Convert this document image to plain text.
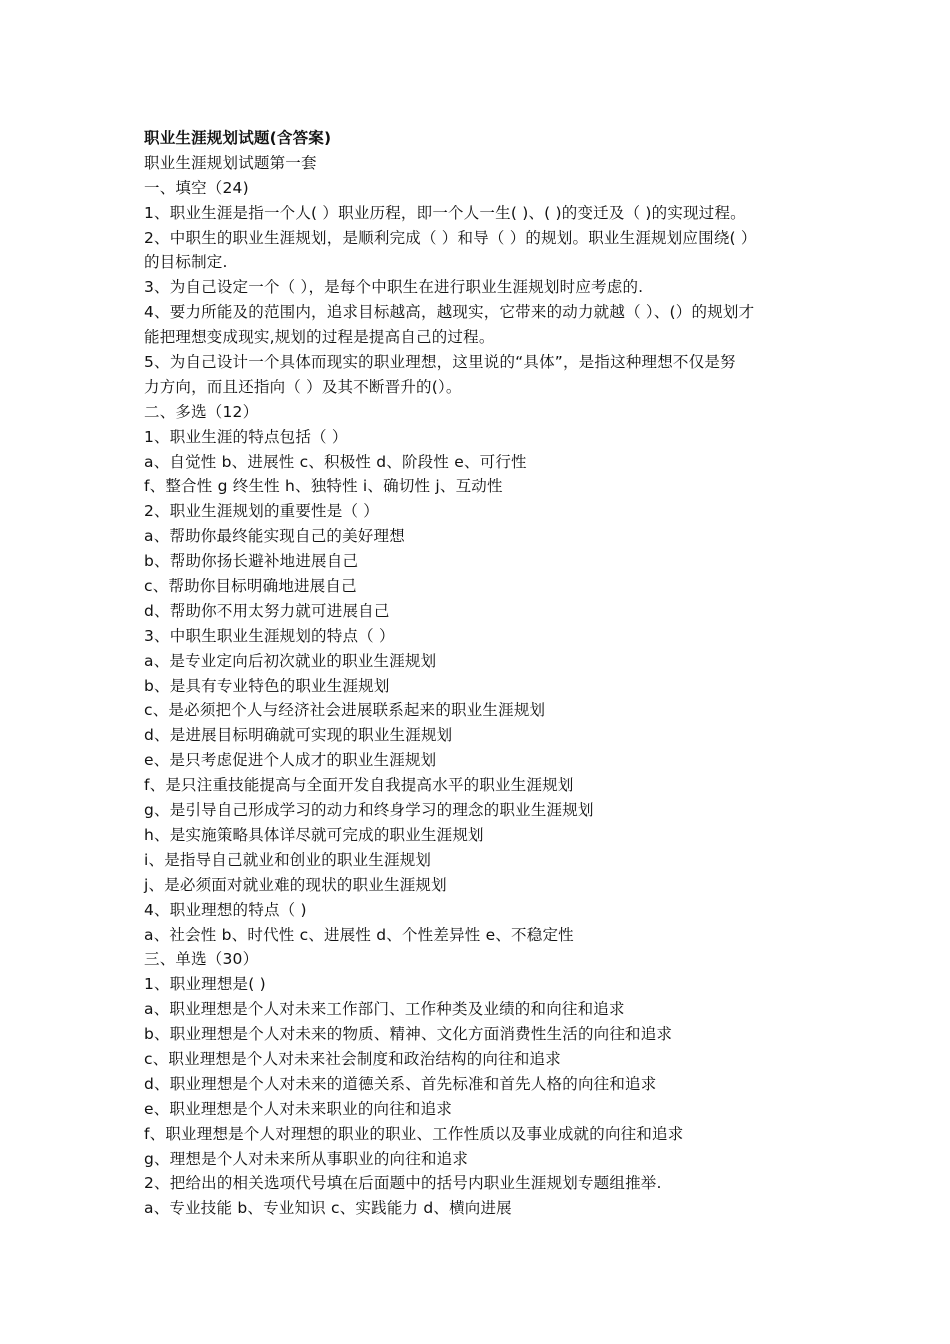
职业生涯规划试题(含答案)
职业生涯规划试题第一套
一、填空（24)
1、职业生涯是指一个人( ）职业历程，即一个人一生( )、( )的变迁及（ )的实现过程。
2、中职生的职业生涯规划，是顺利完成（ ）和导（ ）的规划。职业生涯规划应围绕( ）
的目标制定.
3、为自己设定一个（ ），是每个中职生在进行职业生涯规划时应考虑的.
4、要力所能及的范围内，追求目标越高，越现实，它带来的动力就越（ ）、(）的规划才
能把理想变成现实,规划的过程是提高自己的过程。
5、为自己设计一个具体而现实的职业理想，这里说的“具体”，是指这种理想不仅是努
力方向，而且还指向（ ）及其不断晋升的(）。
二、多选（12）
1、职业生涯的特点包括（ ）
a、自觉性 b、进展性 c、积极性 d、阶段性 e、可行性
f、整合性 g 终生性 h、独特性 i、确切性 j、互动性
2、职业生涯规划的重要性是（ ）
a、帮助你最终能实现自己的美好理想
b、帮助你扬长避补地进展自己
c、帮助你目标明确地进展自己
d、帮助你不用太努力就可进展自己
3、中职生职业生涯规划的特点（ ）
a、是专业定向后初次就业的职业生涯规划
b、是具有专业特色的职业生涯规划
c、是必须把个人与经济社会进展联系起来的职业生涯规划
d、是进展目标明确就可实现的职业生涯规划
e、是只考虑促进个人成才的职业生涯规划
f、是只注重技能提高与全面开发自我提高水平的职业生涯规划
g、是引导自己形成学习的动力和终身学习的理念的职业生涯规划
h、是实施策略具体详尽就可完成的职业生涯规划
i、是指导自己就业和创业的职业生涯规划
j、是必须面对就业难的现状的职业生涯规划
4、职业理想的特点（ )
a、社会性 b、时代性 c、进展性 d、个性差异性 e、不稳定性
三、单选（30）
1、职业理想是( )
a、职业理想是个人对未来工作部门、工作种类及业绩的和向往和追求
b、职业理想是个人对未来的物质、精神、文化方面消费性生活的向往和追求
c、职业理想是个人对未来社会制度和政治结构的向往和追求
d、职业理想是个人对未来的道德关系、首先标准和首先人格的向往和追求
e、职业理想是个人对未来职业的向往和追求
f、职业理想是个人对理想的职业的职业、工作性质以及事业成就的向往和追求
g、理想是个人对未来所从事职业的向往和追求
2、把给出的相关选项代号填在后面题中的括号内职业生涯规划专题组推举.
a、专业技能 b、专业知识 c、实践能力 d、横向进展
